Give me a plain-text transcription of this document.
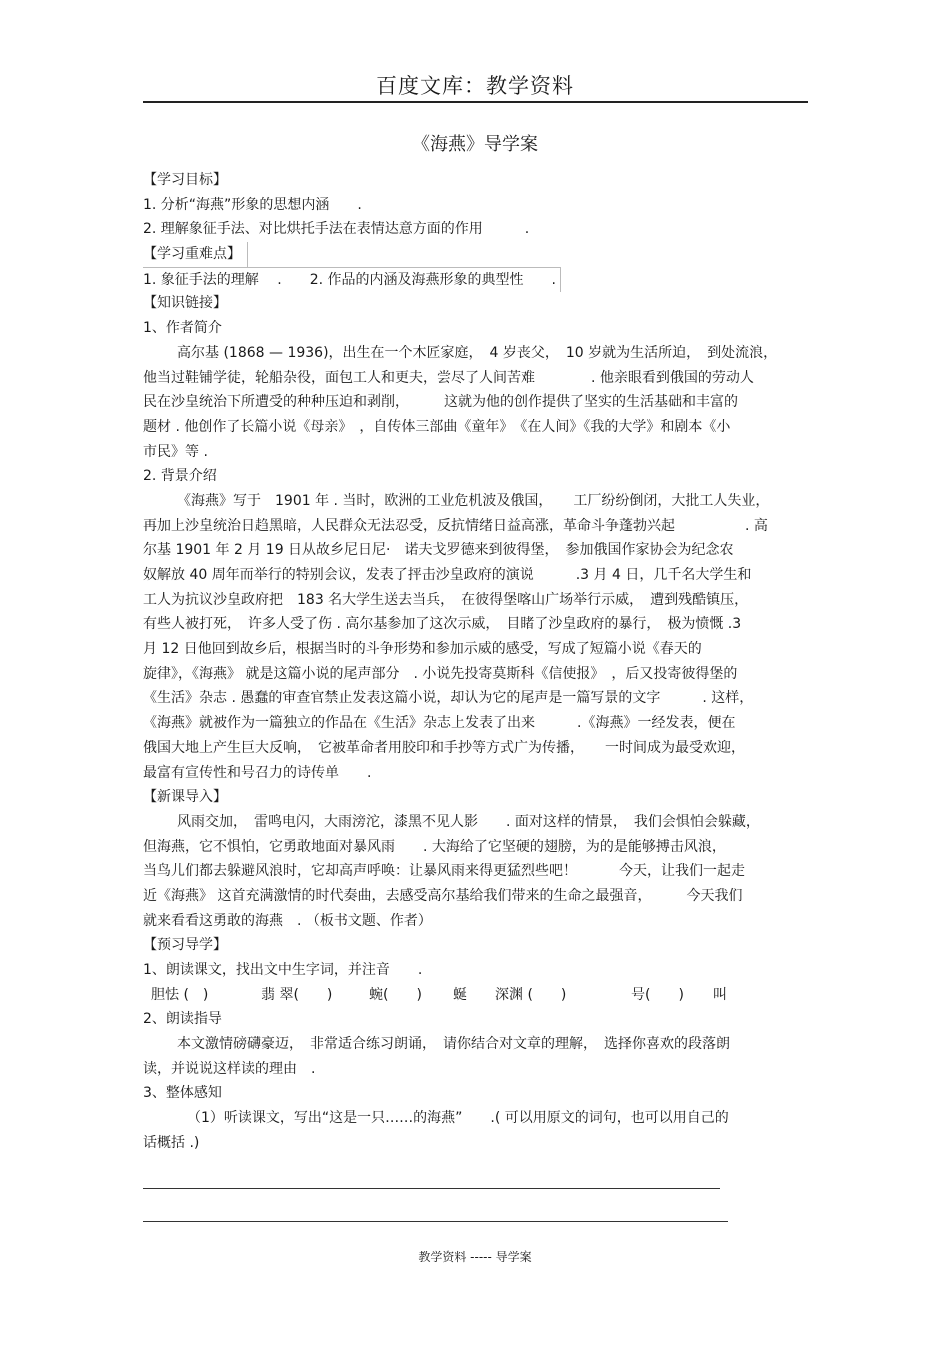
百度文库：教学资料
《海燕》导学案
【学习目标】
1. 分析“海燕”形象的思想内涵　　.
2. 理解象征手法、对比烘托手法在表情达意方面的作用　　　.
【学习重难点】
1. 象征手法的理解　 .　　2. 作品的内涵及海燕形象的典型性　　.
【知识链接】
1、作者简介
高尔基 (1868 — 1936)，出生在一个木匠家庭，　4 岁丧父，　10 岁就为生活所迫，　到处流浪，
他当过鞋铺学徒，轮船杂役，面包工人和更夫，尝尽了人间苦难　　　　. 他亲眼看到俄国的劳动人
民在沙皇统治下所遭受的种种压迫和剥削，　　　这就为他的创作提供了坚实的生活基础和丰富的
题材 . 他创作了长篇小说《母亲》　，自传体三部曲《童年》　《在人间》《我的大学》和剧本《小
市民》等 .
2. 背景介绍
《海燕》写于　1901 年 . 当时，欧洲的工业危机波及俄国，　　工厂纷纷倒闭，大批工人失业，
再加上沙皇统治日趋黑暗，人民群众无法忍受，反抗情绪日益高涨，革命斗争蓬勃兴起　　　　　. 高
尔基 1901 年 2 月 19 日从故乡尼日尼·　诺夫戈罗德来到彼得堡，　参加俄国作家协会为纪念农
奴解放 40 周年而举行的特别会议，发表了抨击沙皇政府的演说　　　.3 月 4 日，几千名大学生和
工人为抗议沙皇政府把　183 名大学生送去当兵，　在彼得堡喀山广场举行示威，　遭到残酷镇压，
有些人被打死，　许多人受了伤 . 高尔基参加了这次示威，　目睹了沙皇政府的暴行，　极为愤慨 .3
月 12 日他回到故乡后，根据当时的斗争形势和参加示威的感受，写成了短篇小说《春天的
旋律》，《海燕》 就是这篇小说的尾声部分　. 小说先投寄莫斯科《信使报》　，后又投寄彼得堡的
《生活》杂志 . 愚蠢的审查官禁止发表这篇小说，却认为它的尾声是一篇写景的文字　　　. 这样，
《海燕》就被作为一篇独立的作品在《生活》杂志上发表了出来　　　.《海燕》一经发表，便在
俄国大地上产生巨大反响，　它被革命者用胶印和手抄等方式广为传播，　　一时间成为最受欢迎，
最富有宣传性和号召力的诗传单　　.
【新课导入】
风雨交加，　雷鸣电闪，大雨滂沱，漆黑不见人影　　. 面对这样的情景，　我们会惧怕会躲藏，
但海燕，它不惧怕，它勇敢地面对暴风雨　　. 大海给了它坚硬的翅膀，为的是能够搏击风浪，
当鸟儿们都去躲避风浪时，它却高声呼唤：让暴风雨来得更猛烈些吧！　　　今天，让我们一起走
近《海燕》 这首充满激情的时代奏曲，去感受高尔基给我们带来的生命之最强音，　　　今天我们
就来看看这勇敢的海燕　. （板书文题、作者）
【预习导学】
1、朗读课文，找出文中生字词，并注音　　.
胆怯 (　)	翡 翠(　　)	蜿(　　) 蜒 深渊 (　　)	号(　　) 叫
2、朗读指导
本文激情磅礴豪迈，　非常适合练习朗诵，　请你结合对文章的理解，　选择你喜欢的段落朗
读，并说说这样读的理由　.
3、整体感知
（1）听读课文，写出“这是一只……的海燕”　　.( 可以用原文的词句，也可以用自己的
话概括 .)
教学资料 ----- 导学案
